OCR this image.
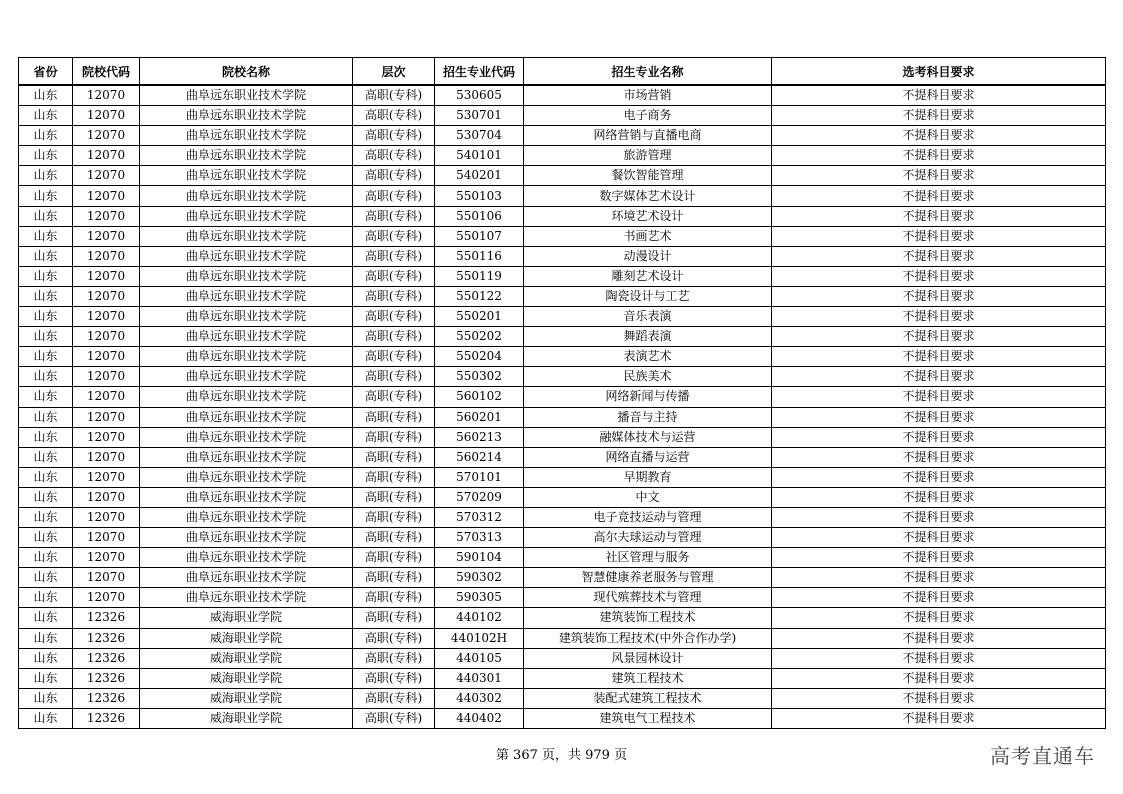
省份	院校代码	院校名称	层次	招生专业代码	招生专业名称	选考科目要求
山东	12070	曲阜远东职业技术学院	高职(专科)	530605	市场营销	不提科目要求
山东	12070	曲阜远东职业技术学院	高职(专科)	530701	电子商务	不提科目要求
山东	12070	曲阜远东职业技术学院	高职(专科)	530704	网络营销与直播电商	不提科目要求
山东	12070	曲阜远东职业技术学院	高职(专科)	540101	旅游管理	不提科目要求
山东	12070	曲阜远东职业技术学院	高职(专科)	540201	餐饮智能管理	不提科目要求
山东	12070	曲阜远东职业技术学院	高职(专科)	550103	数字媒体艺术设计	不提科目要求
山东	12070	曲阜远东职业技术学院	高职(专科)	550106	环境艺术设计	不提科目要求
山东	12070	曲阜远东职业技术学院	高职(专科)	550107	书画艺术	不提科目要求
山东	12070	曲阜远东职业技术学院	高职(专科)	550116	动漫设计	不提科目要求
山东	12070	曲阜远东职业技术学院	高职(专科)	550119	雕刻艺术设计	不提科目要求
山东	12070	曲阜远东职业技术学院	高职(专科)	550122	陶瓷设计与工艺	不提科目要求
山东	12070	曲阜远东职业技术学院	高职(专科)	550201	音乐表演	不提科目要求
山东	12070	曲阜远东职业技术学院	高职(专科)	550202	舞蹈表演	不提科目要求
山东	12070	曲阜远东职业技术学院	高职(专科)	550204	表演艺术	不提科目要求
山东	12070	曲阜远东职业技术学院	高职(专科)	550302	民族美术	不提科目要求
山东	12070	曲阜远东职业技术学院	高职(专科)	560102	网络新闻与传播	不提科目要求
山东	12070	曲阜远东职业技术学院	高职(专科)	560201	播音与主持	不提科目要求
山东	12070	曲阜远东职业技术学院	高职(专科)	560213	融媒体技术与运营	不提科目要求
山东	12070	曲阜远东职业技术学院	高职(专科)	560214	网络直播与运营	不提科目要求
山东	12070	曲阜远东职业技术学院	高职(专科)	570101	早期教育	不提科目要求
山东	12070	曲阜远东职业技术学院	高职(专科)	570209	中文	不提科目要求
山东	12070	曲阜远东职业技术学院	高职(专科)	570312	电子竞技运动与管理	不提科目要求
山东	12070	曲阜远东职业技术学院	高职(专科)	570313	高尔夫球运动与管理	不提科目要求
山东	12070	曲阜远东职业技术学院	高职(专科)	590104	社区管理与服务	不提科目要求
山东	12070	曲阜远东职业技术学院	高职(专科)	590302	智慧健康养老服务与管理	不提科目要求
山东	12070	曲阜远东职业技术学院	高职(专科)	590305	现代殡葬技术与管理	不提科目要求
山东	12326	威海职业学院	高职(专科)	440102	建筑装饰工程技术	不提科目要求
山东	12326	威海职业学院	高职(专科)	440102H	建筑装饰工程技术(中外合作办学)	不提科目要求
山东	12326	威海职业学院	高职(专科)	440105	风景园林设计	不提科目要求
山东	12326	威海职业学院	高职(专科)	440301	建筑工程技术	不提科目要求
山东	12326	威海职业学院	高职(专科)	440302	装配式建筑工程技术	不提科目要求
山东	12326	威海职业学院	高职(专科)	440402	建筑电气工程技术	不提科目要求
第 367 页，共 979 页	高考直通车
